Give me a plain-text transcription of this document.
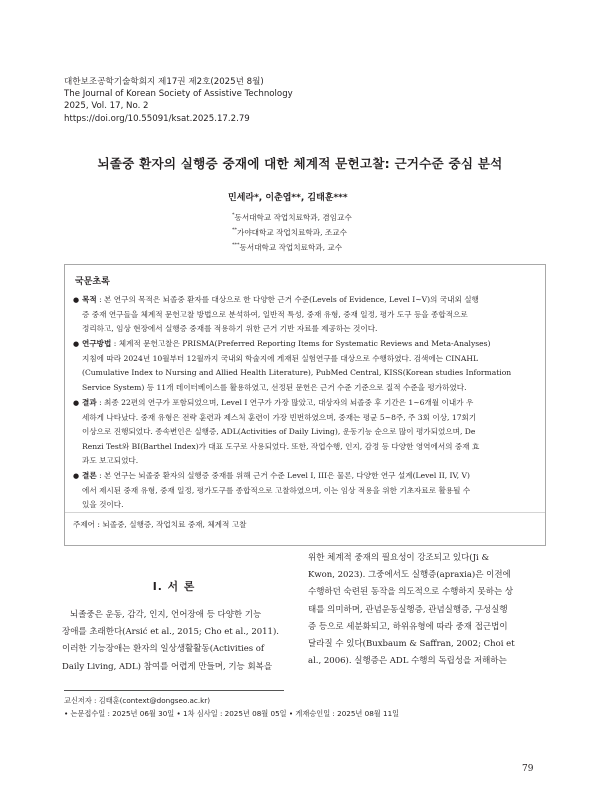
대한보조공학기술학회지 제17권 제2호(2025년 8월)
The Journal of Korean Society of Assistive Technology
2025, Vol. 17, No. 2
https://doi.org/10.55091/ksat.2025.17.2.79
뇌졸중 환자의 실행증 중재에 대한 체계적 문헌고찰: 근거수준 중심 분석
민세라*, 이춘엽**, 김태훈***
*동서대학교 작업치료학과, 겸임교수
**가야대학교 작업치료학과, 조교수
***동서대학교 작업치료학과, 교수
국문초록
● 목적 : 본 연구의 목적은 뇌졸중 환자를 대상으로 한 다양한 근거 수준(Levels of Evidence, Level I~V)의 국내외 실행
증 중재 연구들을 체계적 문헌고찰 방법으로 분석하여, 일반적 특성, 중재 유형, 중재 일정, 평가 도구 등을 종합적으로
정리하고, 임상 현장에서 실행증 중재를 적용하기 위한 근거 기반 자료를 제공하는 것이다.
● 연구방법 : 체계적 문헌고찰은 PRISMA(Preferred Reporting Items for Systematic Reviews and Meta-Analyses)
지침에 따라 2024년 10월부터 12월까지 국내외 학술지에 게재된 실험연구를 대상으로 수행하였다. 검색에는 CINAHL
(Cumulative Index to Nursing and Allied Health Literature), PubMed Central, KISS(Korean studies Information
Service System) 등 11개 데이터베이스를 활용하였고, 선정된 문헌은 근거 수준 기준으로 질적 수준을 평가하였다.
● 결과 : 최종 22편의 연구가 포함되었으며, Level I 연구가 가장 많았고, 대상자의 뇌졸중 후 기간은 1~6개월 이내가 우
세하게 나타났다. 중재 유형은 전략 훈련과 제스처 훈련이 가장 빈번하였으며, 중재는 평균 5~8주, 주 3회 이상, 17회기
이상으로 진행되었다. 종속변인은 실행증, ADL(Activities of Daily Living), 운동기능 순으로 많이 평가되었으며, De
Renzi Test와 BI(Barthel Index)가 대표 도구로 사용되었다. 또한, 작업수행, 인지, 감정 등 다양한 영역에서의 중재 효
과도 보고되었다.
● 결론 : 본 연구는 뇌졸중 환자의 실행증 중재를 위해 근거 수준 Level I, III은 물론, 다양한 연구 설계(Level II, IV, V)
에서 제시된 중재 유형, 중재 일정, 평가도구를 종합적으로 고찰하였으며, 이는 임상 적용을 위한 기초자료로 활용될 수
있을 것이다.
주제어 : 뇌졸중, 실행증, 작업치료 중재, 체계적 고찰
I. 서 론
뇌졸중은 운동, 감각, 인지, 언어장애 등 다양한 기능
장애를 초래한다(Arsić et al., 2015; Cho et al., 2011).
이러한 기능장애는 환자의 일상생활활동(Activities of
Daily Living, ADL) 참여를 어렵게 만들며, 기능 회복을
위한 체계적 중재의 필요성이 강조되고 있다(Ji &
Kwon, 2023). 그중에서도 실행증(apraxia)은 이전에
수행하던 숙련된 동작을 의도적으로 수행하지 못하는 상
태를 의미하며, 관념운동실행증, 관념실행증, 구성실행
증 등으로 세분화되고, 하위유형에 따라 중재 접근법이
달라질 수 있다(Buxbaum & Saffran, 2002; Choi et
al., 2006). 실행증은 ADL 수행의 독립성을 저해하는
교신저자 : 김태훈(context@dongseo.ac.kr)
• 논문접수일 : 2025년 06월 30일 • 1차 심사일 : 2025년 08월 05일 • 게재승인일 : 2025년 08월 11일
79
